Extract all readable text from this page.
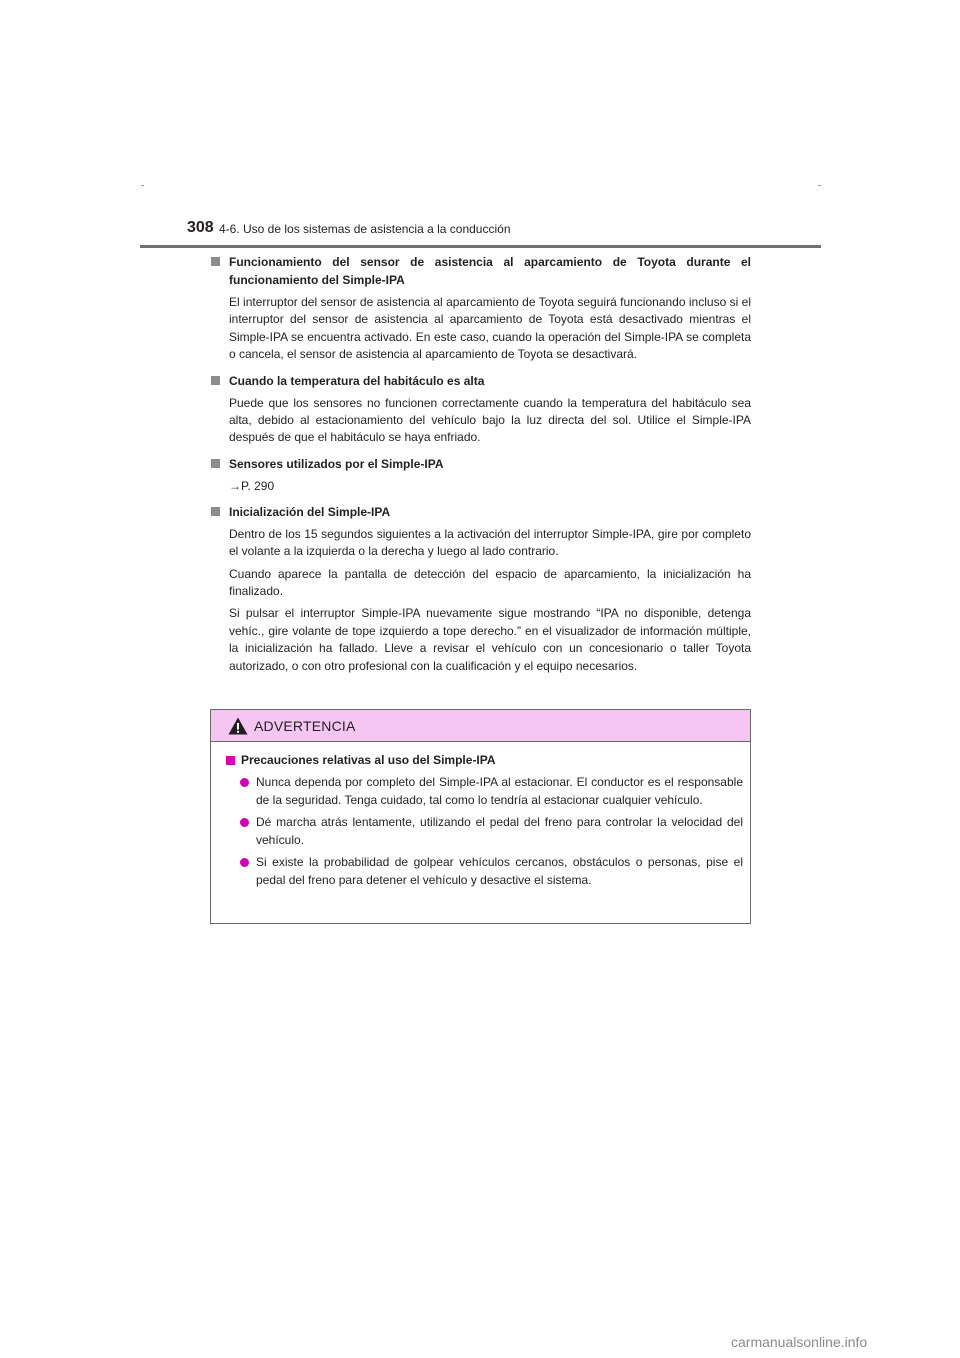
308 4-6. Uso de los sistemas de asistencia a la conducción
Funcionamiento del sensor de asistencia al aparcamiento de Toyota durante el funcionamiento del Simple-IPA
El interruptor del sensor de asistencia al aparcamiento de Toyota seguirá funcionando incluso si el interruptor del sensor de asistencia al aparcamiento de Toyota está desactivado mientras el Simple-IPA se encuentra activado. En este caso, cuando la operación del Simple-IPA se completa o cancela, el sensor de asistencia al aparcamiento de Toyota se desactivará.
Cuando la temperatura del habitáculo es alta
Puede que los sensores no funcionen correctamente cuando la temperatura del habitáculo sea alta, debido al estacionamiento del vehículo bajo la luz directa del sol. Utilice el Simple-IPA después de que el habitáculo se haya enfriado.
Sensores utilizados por el Simple-IPA
→P. 290
Inicialización del Simple-IPA
Dentro de los 15 segundos siguientes a la activación del interruptor Simple-IPA, gire por completo el volante a la izquierda o la derecha y luego al lado contrario.
Cuando aparece la pantalla de detección del espacio de aparcamiento, la inicialización ha finalizado.
Si pulsar el interruptor Simple-IPA nuevamente sigue mostrando “IPA no disponible, detenga vehíc., gire volante de tope izquierdo a tope derecho.” en el visualizador de información múltiple, la inicialización ha fallado. Lleve a revisar el vehículo con un concesionario o taller Toyota autorizado, o con otro profesional con la cualificación y el equipo necesarios.
ADVERTENCIA
Precauciones relativas al uso del Simple-IPA
Nunca dependa por completo del Simple-IPA al estacionar. El conductor es el responsable de la seguridad. Tenga cuidado, tal como lo tendría al estacionar cualquier vehículo.
Dé marcha atrás lentamente, utilizando el pedal del freno para controlar la velocidad del vehículo.
Si existe la probabilidad de golpear vehículos cercanos, obstáculos o personas, pise el pedal del freno para detener el vehículo y desactive el sistema.
carmanualsonline.info
